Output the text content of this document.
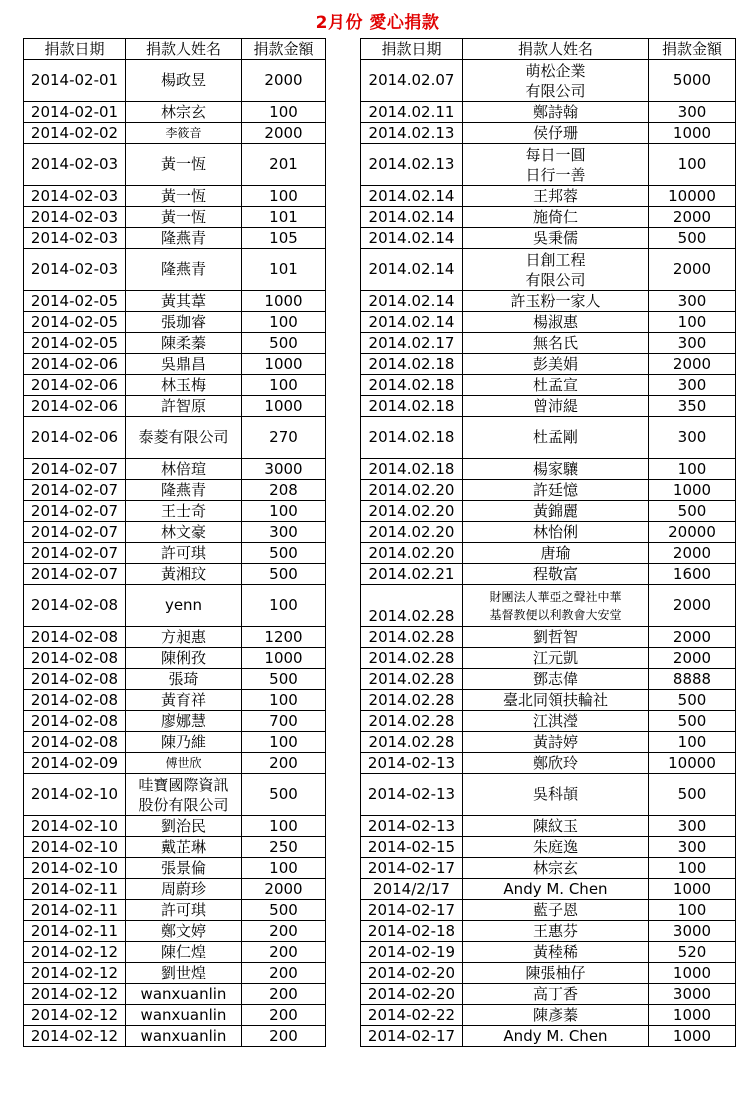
2月份 愛心捐款
捐款日期	捐款人姓名	捐款金額
2014-02-01	楊政昱	2000
2014-02-01	林宗玄	100
2014-02-02	李筱音	2000
2014-02-03	黃一恆	201
2014-02-03	黃一恆	100
2014-02-03	黃一恆	101
2014-02-03	隆燕青	105
2014-02-03	隆燕青	101
2014-02-05	黃其葦	1000
2014-02-05	張珈睿	100
2014-02-05	陳柔蓁	500
2014-02-06	吳鼎昌	1000
2014-02-06	林玉梅	100
2014-02-06	許智原	1000
2014-02-06	泰菱有限公司	270
2014-02-07	林倍瑄	3000
2014-02-07	隆燕青	208
2014-02-07	王士奇	100
2014-02-07	林文豪	300
2014-02-07	許可琪	500
2014-02-07	黃湘玟	500
2014-02-08	yenn	100
2014-02-08	方昶惠	1200
2014-02-08	陳俐孜	1000
2014-02-08	張琦	500
2014-02-08	黃育祥	100
2014-02-08	廖娜慧	700
2014-02-08	陳乃維	100
2014-02-09	傅世欣	200
2014-02-10	哇寶國際資訊
股份有限公司	500
2014-02-10	劉治民	100
2014-02-10	戴芷琳	250
2014-02-10	張景倫	100
2014-02-11	周蔚珍	2000
2014-02-11	許可琪	500
2014-02-11	鄭文婷	200
2014-02-12	陳仁煌	200
2014-02-12	劉世煌	200
2014-02-12	wanxuanlin	200
2014-02-12	wanxuanlin	200
2014-02-12	wanxuanlin	200
捐款日期	捐款人姓名	捐款金額
2014.02.07	萌松企業
有限公司	5000
2014.02.11	鄭詩翰	300
2014.02.13	侯伃珊	1000
2014.02.13	每日一圓
日行一善	100
2014.02.14	王邦蓉	10000
2014.02.14	施倚仁	2000
2014.02.14	吳秉儒	500
2014.02.14	日創工程
有限公司	2000
2014.02.14	許玉粉一家人	300
2014.02.14	楊淑惠	100
2014.02.17	無名氏	300
2014.02.18	彭美娟	2000
2014.02.18	杜孟宣	300
2014.02.18	曾沛緹	350
2014.02.18	杜孟剛	300
2014.02.18	楊家驤	100
2014.02.20	許廷憶	1000
2014.02.20	黃錦麗	500
2014.02.20	林怡俐	20000
2014.02.20	唐瑜	2000
2014.02.21	程敬富	1600
2014.02.28	財團法人華亞之聲社中華
基督教便以利教會大安堂	2000
2014.02.28	劉哲智	2000
2014.02.28	江元凱	2000
2014.02.28	鄧志偉	8888
2014.02.28	臺北同領扶輪社	500
2014.02.28	江淇瀅	500
2014.02.28	黃詩婷	100
2014-02-13	鄭欣玲	10000
2014-02-13	吳科頡	500
2014-02-13	陳紋玉	300
2014-02-15	朱庭逸	300
2014-02-17	林宗玄	100
2014/2/17	Andy M. Chen	1000
2014-02-17	藍子恩	100
2014-02-18	王惠芬	3000
2014-02-19	黃稑稀	520
2014-02-20	陳張柚仔	1000
2014-02-20	高丁香	3000
2014-02-22	陳彥蓁	1000
2014-02-17	Andy M. Chen	1000
